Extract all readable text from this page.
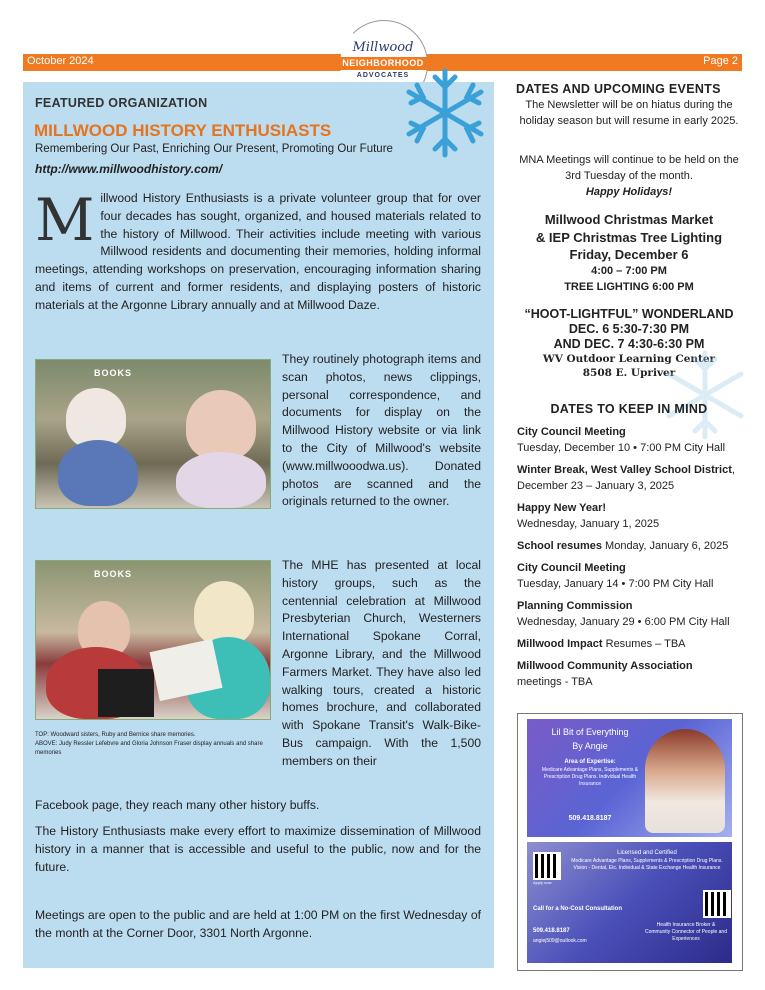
October 2024	Page 2
Millwood
NEIGHBORHOOD
ADVOCATES
FEATURED ORGANIZATION
MILLWOOD HISTORY ENTHUSIASTS
Remembering Our Past, Enriching Our Present, Promoting Our Future
http://www.millwoodhistory.com/
Millwood History Enthusiasts is a private volunteer group that for over four decades has sought, organized, and housed materials related to the history of Millwood. Their activities include meeting with various Millwood residents and documenting their memories, holding informal meetings, attending workshops on preservation, encouraging information sharing and items of current and former residents, and displaying posters of historic materials at the Argonne Library annually and at Millwood Daze.
BOOKS
BOOKS
They routinely photograph items and scan photos, news clippings, personal correspondence, and documents for display on the Millwood History website or via link to the City of Millwood's website (www.millwooodwa.us). Donated photos are scanned and the originals returned to the owner.
The MHE has presented at local history groups, such as the centennial celebration at Millwood Presbyterian Church, Westerners International Spokane Corral, Argonne Library, and the Millwood Farmers Market. They have also led walking tours, created a historic homes brochure, and collaborated with Spokane Transit's Walk-Bike-Bus campaign. With the 1,500 members on their
TOP: Woodward sisters, Ruby and Bernice share memories.
ABOVE: Judy Ressler Lefebvre and Gloria Johnson Fraser display annuals and share memories
Facebook page, they reach many other history buffs.
The History Enthusiasts make every effort to maximize dissemination of Millwood history in a manner that is accessible and useful to the public, now and for the future.
Meetings are open to the public and are held at 1:00 PM on the first Wednesday of the month at the Corner Door, 3301 North Argonne.
DATES AND UPCOMING EVENTS
The Newsletter will be on hiatus during the holiday season but will resume in early 2025.
MNA Meetings will continue to be held on the 3rd Tuesday of the month.
Happy Holidays!
Millwood Christmas Market
& IEP Christmas Tree Lighting
Friday, December 6
4:00 – 7:00 PM
TREE LIGHTING 6:00 PM
“HOOT-LIGHTFUL” WONDERLAND
DEC. 6 5:30-7:30 PM
AND DEC. 7 4:30-6:30 PM
WV Outdoor Learning Center
8508 E. Upriver
DATES TO KEEP IN MIND
City Council Meeting
Tuesday, December 10 • 7:00 PM City Hall
Winter Break, West Valley School District, December 23 – January 3, 2025
Happy New Year!
Wednesday, January 1, 2025
School resumes Monday, January 6, 2025
City Council Meeting
Tuesday, January 14 • 7:00 PM City Hall
Planning Commission
Wednesday, January 29 • 6:00 PM City Hall
Millwood Impact Resumes – TBA
Millwood Community Association
meetings - TBA
Lil Bit of Everything
By Angie
Area of Expertise:
Medicare Advantage Plans, Supplements & Prescription Drug Plans. Individual Health Insurance
509.418.8187
Licensed and Certified
Medicare Advantage Plans, Supplements & Prescription Drug Plans. Vision - Dental, Etc. Individual & State Exchange Health Insurance
Apply now
Call for a No-Cost Consultation
509.418.8187
angiej509@outlook.com
Health Insurance Broker & Community Connector of People and Experiences
